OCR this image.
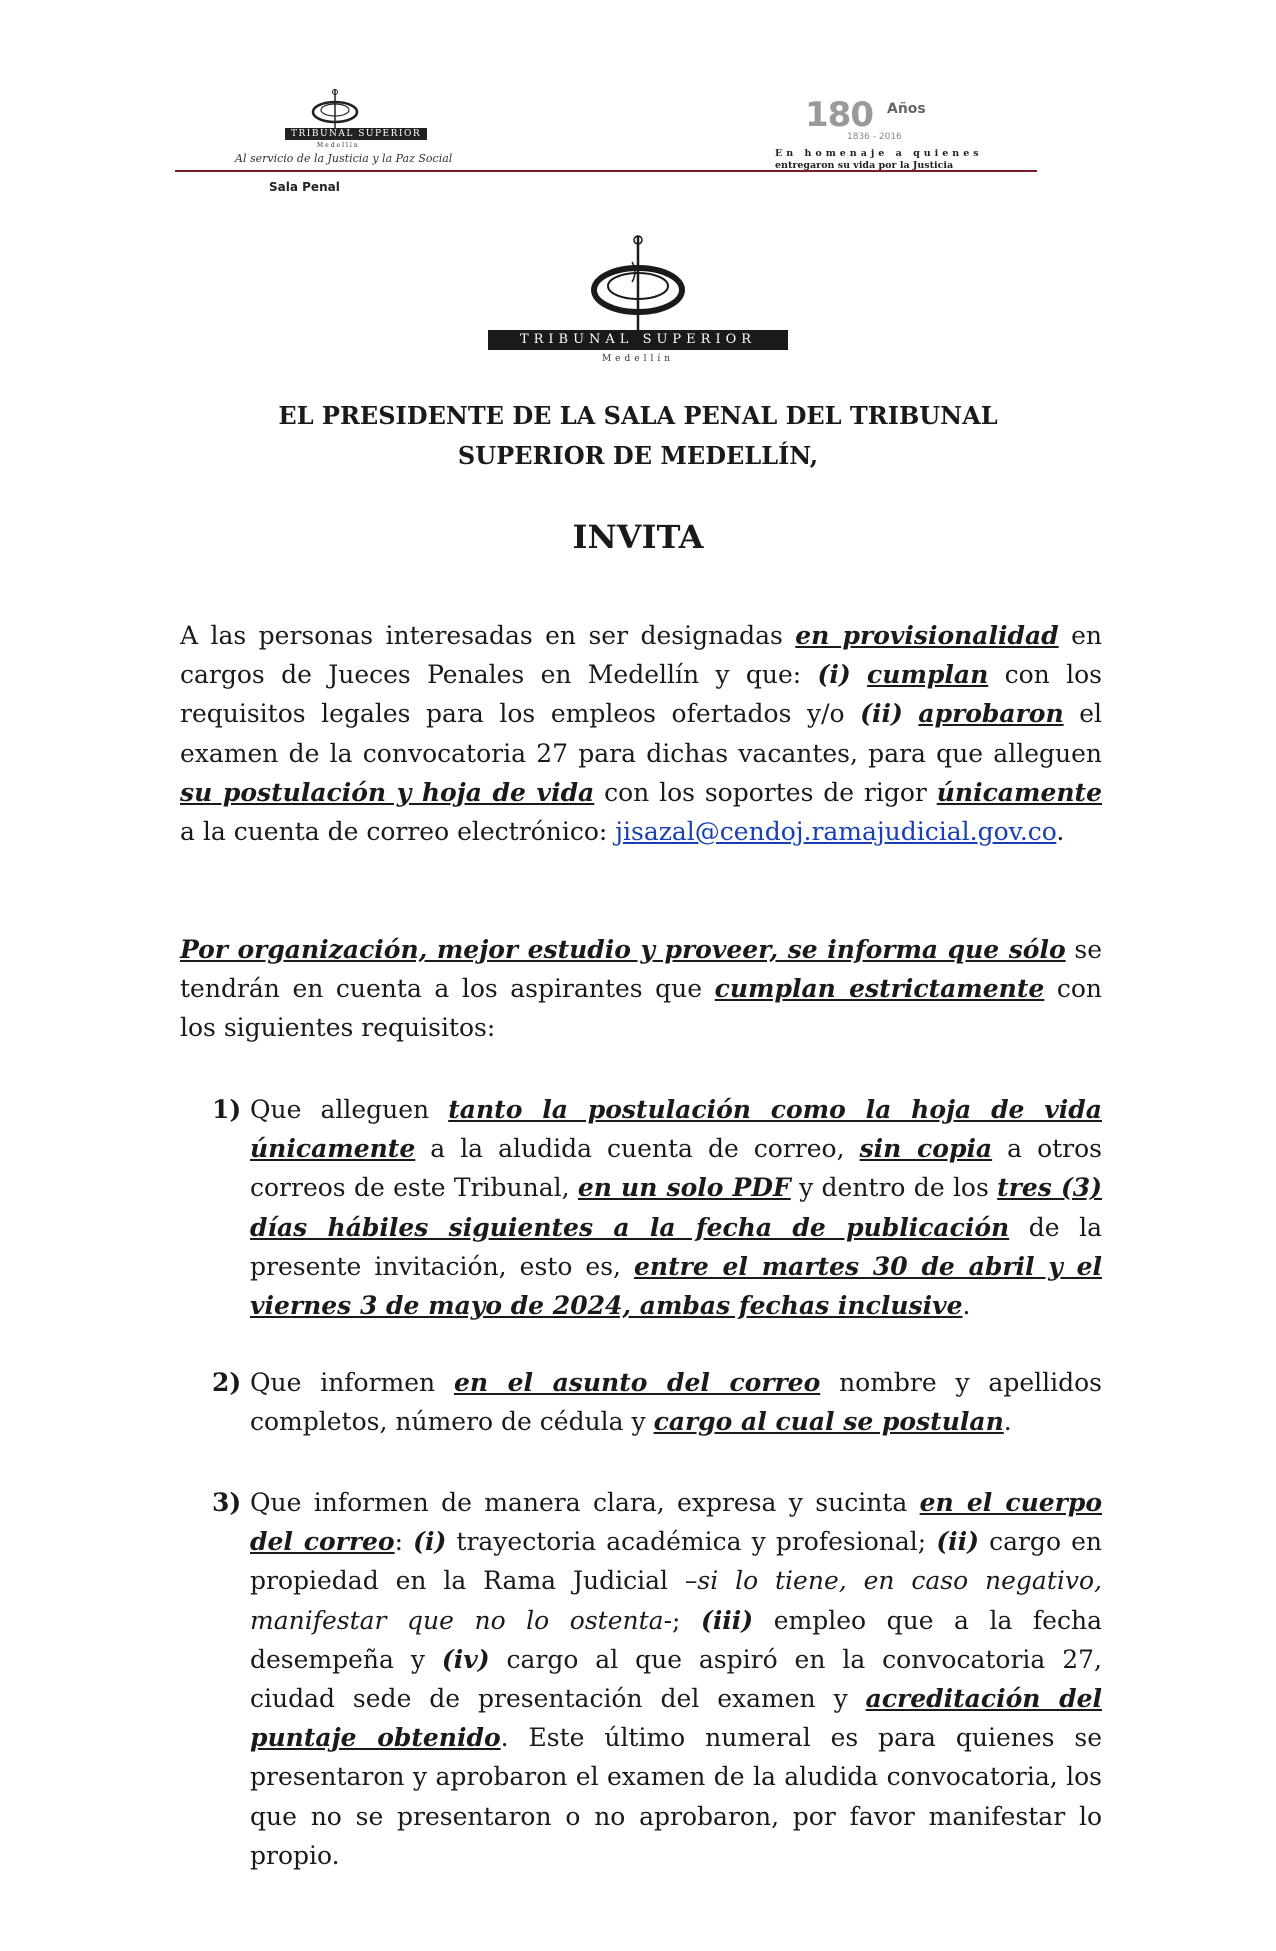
TRIBUNAL SUPERIOR
Medellín
Al servicio de la Justicia y la Paz Social
180 Años
1836 - 2016
En homenaje a quienes
entregaron su vida por la Justicia
Sala Penal
TRIBUNAL SUPERIOR
Medellín
EL PRESIDENTE DE LA SALA PENAL DEL TRIBUNAL
SUPERIOR DE MEDELLÍN,
INVITA
A las personas interesadas en ser designadas en provisionalidad en cargos de Jueces Penales en Medellín y que: (i) cumplan con los requisitos legales para los empleos ofertados y/o (ii) aprobaron el examen de la convocatoria 27 para dichas vacantes, para que alleguen su postulación y hoja de vida con los soportes de rigor únicamente a la cuenta de correo electrónico: jisazal@cendoj.ramajudicial.gov.co.
Por organización, mejor estudio y proveer, se informa que sólo se tendrán en cuenta a los aspirantes que cumplan estrictamente con los siguientes requisitos:
1) Que alleguen tanto la postulación como la hoja de vida únicamente a la aludida cuenta de correo, sin copia a otros correos de este Tribunal, en un solo PDF y dentro de los tres (3) días hábiles siguientes a la fecha de publicación de la presente invitación, esto es, entre el martes 30 de abril y el viernes 3 de mayo de 2024, ambas fechas inclusive.
2) Que informen en el asunto del correo nombre y apellidos completos, número de cédula y cargo al cual se postulan.
3) Que informen de manera clara, expresa y sucinta en el cuerpo del correo: (i) trayectoria académica y profesional; (ii) cargo en propiedad en la Rama Judicial –si lo tiene, en caso negativo, manifestar que no lo ostenta-; (iii) empleo que a la fecha desempeña y (iv) cargo al que aspiró en la convocatoria 27, ciudad sede de presentación del examen y acreditación del puntaje obtenido. Este último numeral es para quienes se presentaron y aprobaron el examen de la aludida convocatoria, los que no se presentaron o no aprobaron, por favor manifestar lo propio.
